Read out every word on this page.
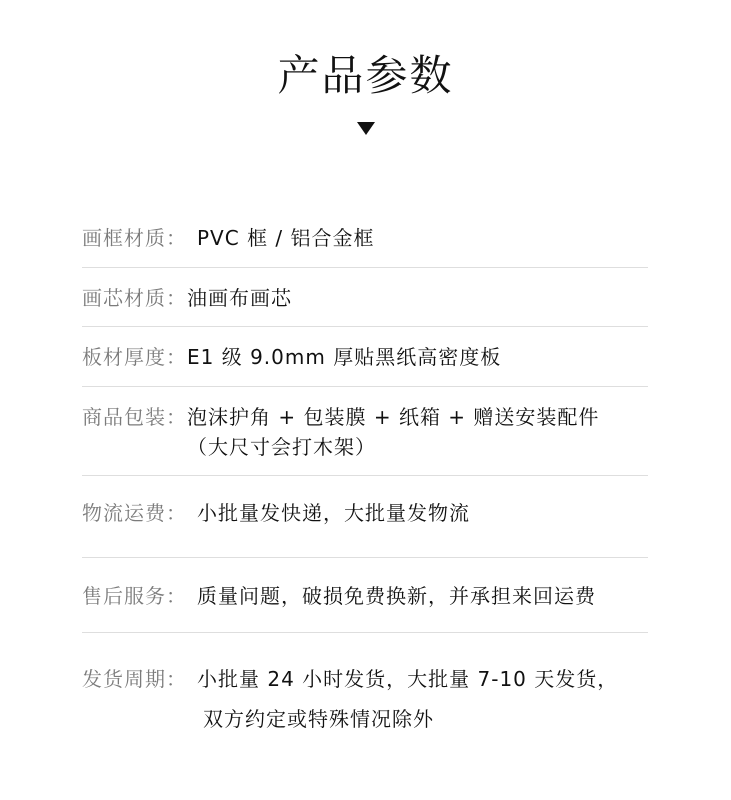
产品参数
画框材质： PVC 框 / 铝合金框
画芯材质： 油画布画芯
板材厚度： E1 级 9.0mm 厚贴黑纸高密度板
商品包装： 泡沫护角 + 包装膜 + 纸箱 + 赠送安装配件
（大尺寸会打木架）
物流运费： 小批量发快递，大批量发物流
售后服务： 质量问题，破损免费换新，并承担来回运费
发货周期： 小批量 24 小时发货，大批量 7-10 天发货，
双方约定或特殊情况除外
